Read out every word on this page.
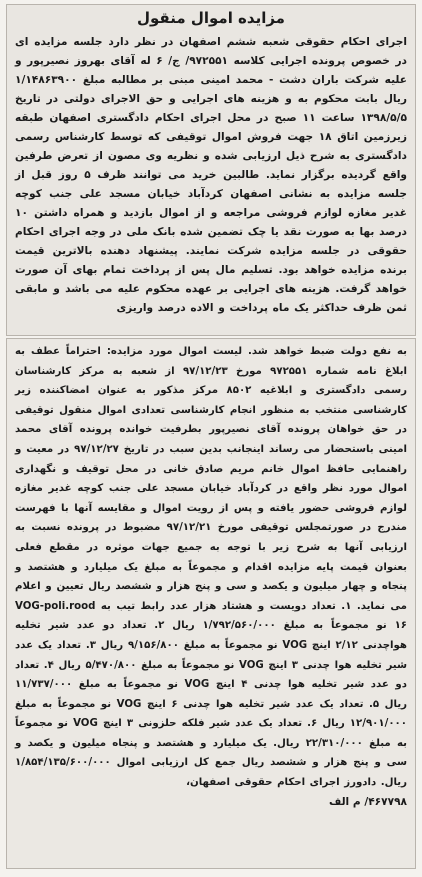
مزایده اموال منقول
اجرای احکام حقوقی شعبه ششم اصفهان در نظر دارد جلسه مزایده ای در خصوص پرونده اجرایی کلاسه ۹۷۲۵۵۱/ ج/ ۶ له آقای بهروز نصیرپور و علیه شرکت باران دشت - محمد امینی مبنی بر مطالبه مبلغ ۱/۱۴۸۶۳۹۰۰ ریال بابت محکوم به و هزینه های اجرایی و حق الاجرای دولتی در تاریخ ۱۳۹۸/۵/۵ ساعت ۱۱ صبح در محل اجرای احکام دادگستری اصفهان طبقه زیرزمین اتاق ۱۸ جهت فروش اموال توقیفی که توسط کارشناس رسمی دادگستری به شرح ذیل ارزیابی شده و نظریه وی مصون از تعرض طرفین واقع گردیده برگزار نماید. طالبین خرید می توانند ظرف ۵ روز قبل از جلسه مزایده به نشانی اصفهان کردآباد خیابان مسجد علی جنب کوچه غدیر مغازه لوازم فروشی مراجعه و از اموال بازدید و همراه داشتن ۱۰ درصد بها به صورت نقد یا چک تضمین شده بانک ملی در وجه اجرای احکام حقوقی در جلسه مزایده شرکت نمایند. پیشنهاد دهنده بالاترین قیمت برنده مزایده خواهد بود. تسلیم مال پس از پرداخت تمام بهای آن صورت خواهد گرفت. هزینه های اجرایی بر عهده محکوم علیه می باشد و مابقی ثمن ظرف حداکثر یک ماه پرداخت و الاده درصد واریزی
به نفع دولت ضبط خواهد شد. لیست اموال مورد مزایده: احتراماً عطف به ابلاغ نامه شماره ۹۷۲۵۵۱ مورخ ۹۷/۱۲/۲۳ از شعبه به مرکز کارشناسان رسمی دادگستری و ابلاغیه ۸۵۰۲ مرکز مذکور به عنوان امضاکننده زیر کارشناسی منتخب به منظور انجام کارشناسی تعدادی اموال منقول توقیفی در حق خواهان پرونده آقای نصیرپور بطرفیت خوانده پرونده آقای محمد امینی باستحضار می رساند اینجانب بدین سبب در تاریخ ۹۷/۱۲/۲۷ در معیت و راهنمایی حافظ اموال خانم مریم صادق خانی در محل توقیف و نگهداری اموال مورد نظر واقع در کردآباد خیابان مسجد علی جنب کوچه غدیر مغازه لوازم فروشی حضور یافته و پس از رویت اموال و مقایسه آنها با فهرست مندرج در صورتمجلس توقیفی مورخ ۹۷/۱۲/۲۱ مضبوط در پرونده نسبت به ارزیابی آنها به شرح زیر با توجه به جمیع جهات موثره در مقطع فعلی بعنوان قیمت پایه مزایده اقدام و مجموعاً به مبلغ یک میلیارد و هشتصد و پنجاه و چهار میلیون و یکصد و سی و پنج هزار و ششصد ریال تعیین و اعلام می نماید. ۱. تعداد دویست و هشتاد هزار عدد رابط تیب به VOG-poli.rood ۱۶ نو مجموعاً به مبلغ ۱/۷۹۲/۵۶۰/۰۰۰ ریال ۲. تعداد دو عدد شیر تخلیه هواچدنی ۲/۱۲ اینچ VOG نو مجموعاً به مبلغ ۹/۱۵۶/۸۰۰ ریال ۳. تعداد یک عدد شیر تخلیه هوا چدنی ۳ اینچ VOG نو مجموعاً به مبلغ ۵/۴۷۰/۸۰۰ ریال ۴. تعداد دو عدد شیر تخلیه هوا چدنی ۴ اینچ VOG نو مجموعاً به مبلغ ۱۱/۷۳۷/۰۰۰ ریال ۵. تعداد یک عدد شیر تخلیه هوا چدنی ۶ اینچ VOG نو مجموعاً به مبلغ ۱۲/۹۰۱/۰۰۰ ریال ۶. تعداد یک عدد شیر فلکه حلزونی ۳ اینچ VOG نو مجموعاً به مبلغ ۲۲/۳۱۰/۰۰۰ ریال. یک میلیارد و هشتصد و پنجاه میلیون و یکصد و سی و پنج هزار و ششصد ریال جمع کل ارزیابی اموال ۱/۸۵۴/۱۳۵/۶۰۰/۰۰۰ ریال. دادورز اجرای احکام حقوقی اصفهان،
۴۶۷۷۹۸/ م الف
